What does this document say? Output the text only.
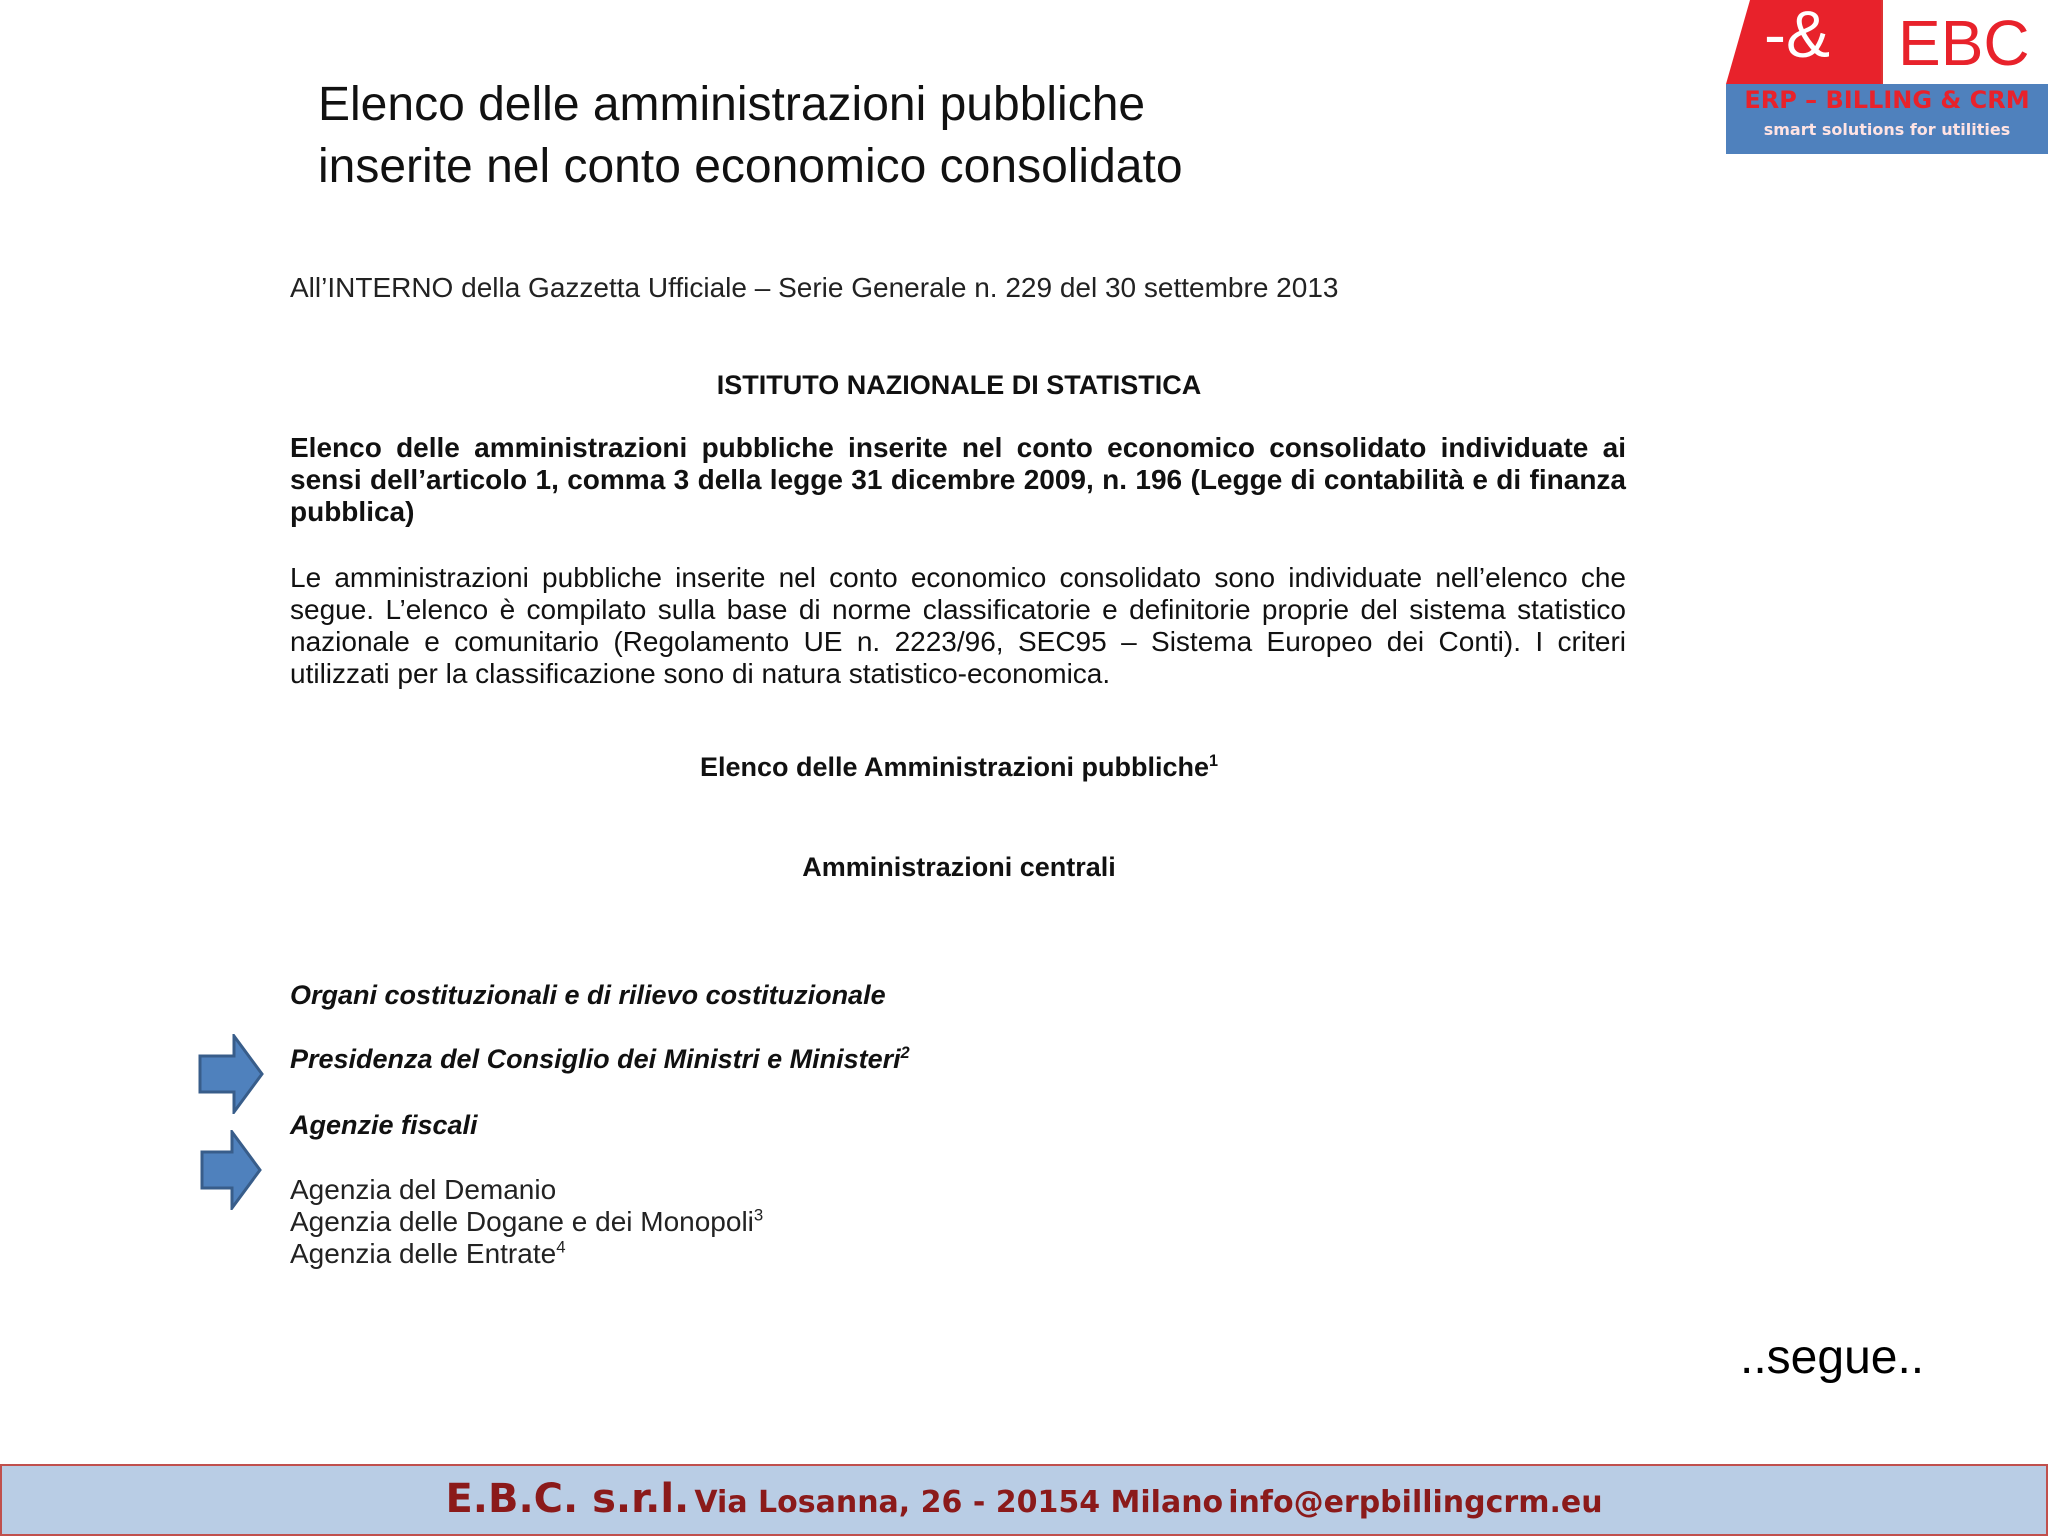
Elenco delle amministrazioni pubbliche
inserite nel conto economico consolidato
-& EBC
ERP – BILLING & CRM
smart solutions for utilities
All’INTERNO della Gazzetta Ufficiale – Serie Generale n. 229 del 30 settembre 2013
ISTITUTO NAZIONALE DI STATISTICA
Elenco delle amministrazioni pubbliche inserite nel conto economico consolidato individuate ai sensi dell’articolo 1, comma 3 della legge 31 dicembre 2009, n. 196 (Legge di contabilità e di finanza pubblica)
Le amministrazioni pubbliche inserite nel conto economico consolidato sono individuate nell’elenco che segue. L’elenco è compilato sulla base di norme classificatorie e definitorie proprie del sistema statistico nazionale e comunitario (Regolamento UE n. 2223/96, SEC95 – Sistema Europeo dei Conti). I criteri utilizzati per la classificazione sono di natura statistico-economica.
Elenco delle Amministrazioni pubbliche$^1$
Amministrazioni centrali
Organi costituzionali e di rilievo costituzionale
Presidenza del Consiglio dei Ministri e Ministeri$^2$
Agenzie fiscali
Agenzia del Demanio
Agenzia delle Dogane e dei Monopoli$^3$
Agenzia delle Entrate$^4$
..segue..
E.B.C. s.r.l. Via Losanna, 26 - 20154 Milano info@erpbillingcrm.eu
